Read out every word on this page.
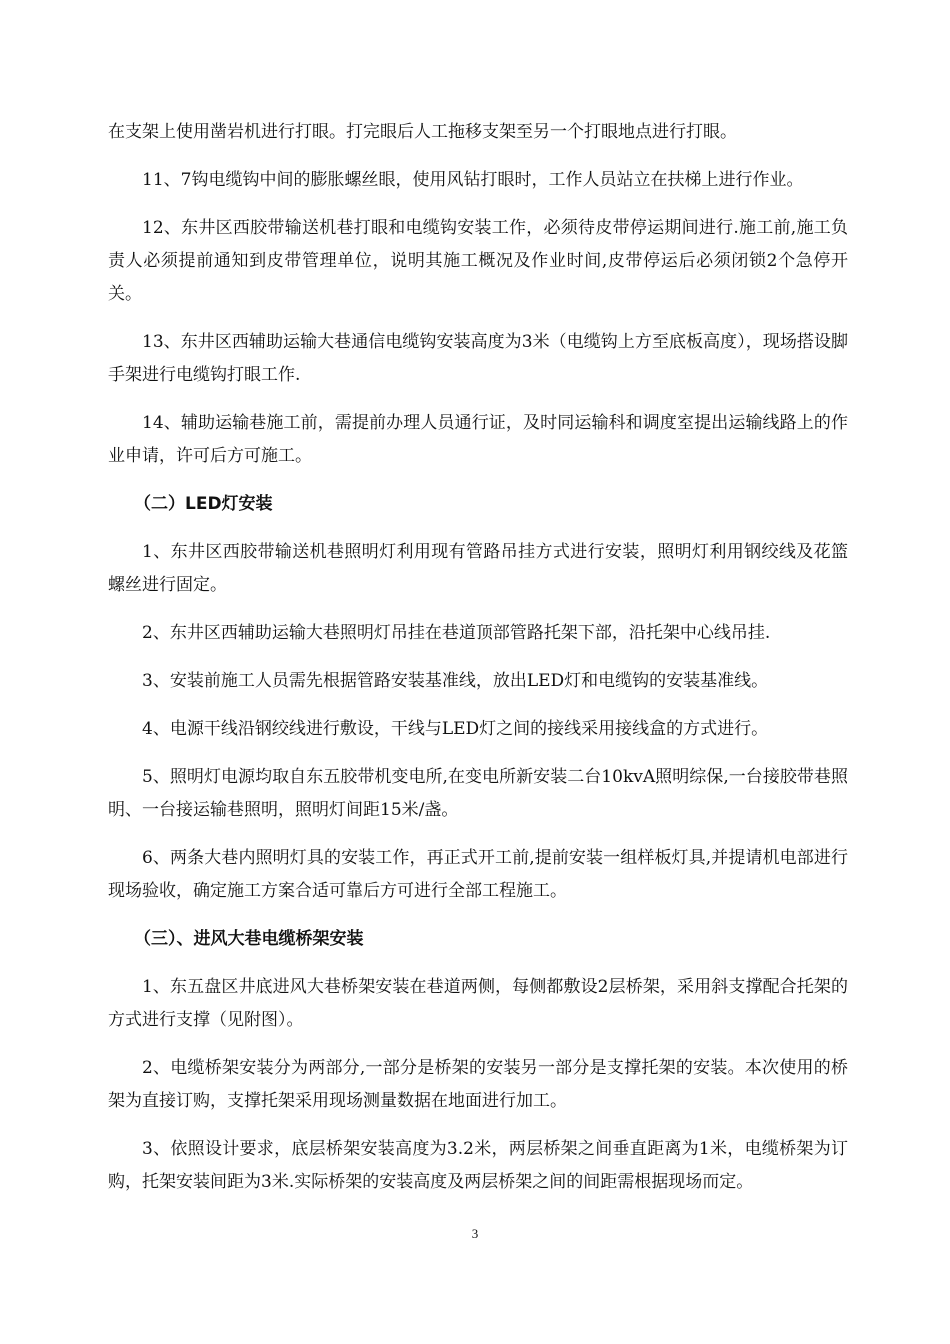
在支架上使用凿岩机进行打眼。打完眼后人工拖移支架至另一个打眼地点进行打眼。

11、7钩电缆钩中间的膨胀螺丝眼，使用风钻打眼时，工作人员站立在扶梯上进行作业。

12、东井区西胶带输送机巷打眼和电缆钩安装工作，必须待皮带停运期间进行.施工前,施工负责人必须提前通知到皮带管理单位，说明其施工概况及作业时间,皮带停运后必须闭锁2个急停开关。

13、东井区西辅助运输大巷通信电缆钩安装高度为3米（电缆钩上方至底板高度），现场搭设脚手架进行电缆钩打眼工作.

14、辅助运输巷施工前，需提前办理人员通行证，及时同运输科和调度室提出运输线路上的作业申请，许可后方可施工。

（二）LED灯安装

1、东井区西胶带输送机巷照明灯利用现有管路吊挂方式进行安装，照明灯利用钢绞线及花篮螺丝进行固定。

2、东井区西辅助运输大巷照明灯吊挂在巷道顶部管路托架下部，沿托架中心线吊挂.

3、安装前施工人员需先根据管路安装基准线，放出LED灯和电缆钩的安装基准线。

4、电源干线沿钢绞线进行敷设，干线与LED灯之间的接线采用接线盒的方式进行。

5、照明灯电源均取自东五胶带机变电所,在变电所新安装二台10kvA照明综保,一台接胶带巷照明、一台接运输巷照明，照明灯间距15米/盏。

6、两条大巷内照明灯具的安装工作，再正式开工前,提前安装一组样板灯具,并提请机电部进行现场验收，确定施工方案合适可靠后方可进行全部工程施工。

（三）、进风大巷电缆桥架安装

1、东五盘区井底进风大巷桥架安装在巷道两侧，每侧都敷设2层桥架，采用斜支撑配合托架的方式进行支撑（见附图）。

2、电缆桥架安装分为两部分,一部分是桥架的安装另一部分是支撑托架的安装。本次使用的桥架为直接订购，支撑托架采用现场测量数据在地面进行加工。

3、依照设计要求，底层桥架安装高度为3.2米，两层桥架之间垂直距离为1米，电缆桥架为订购，托架安装间距为3米.实际桥架的安装高度及两层桥架之间的间距需根据现场而定。

3
